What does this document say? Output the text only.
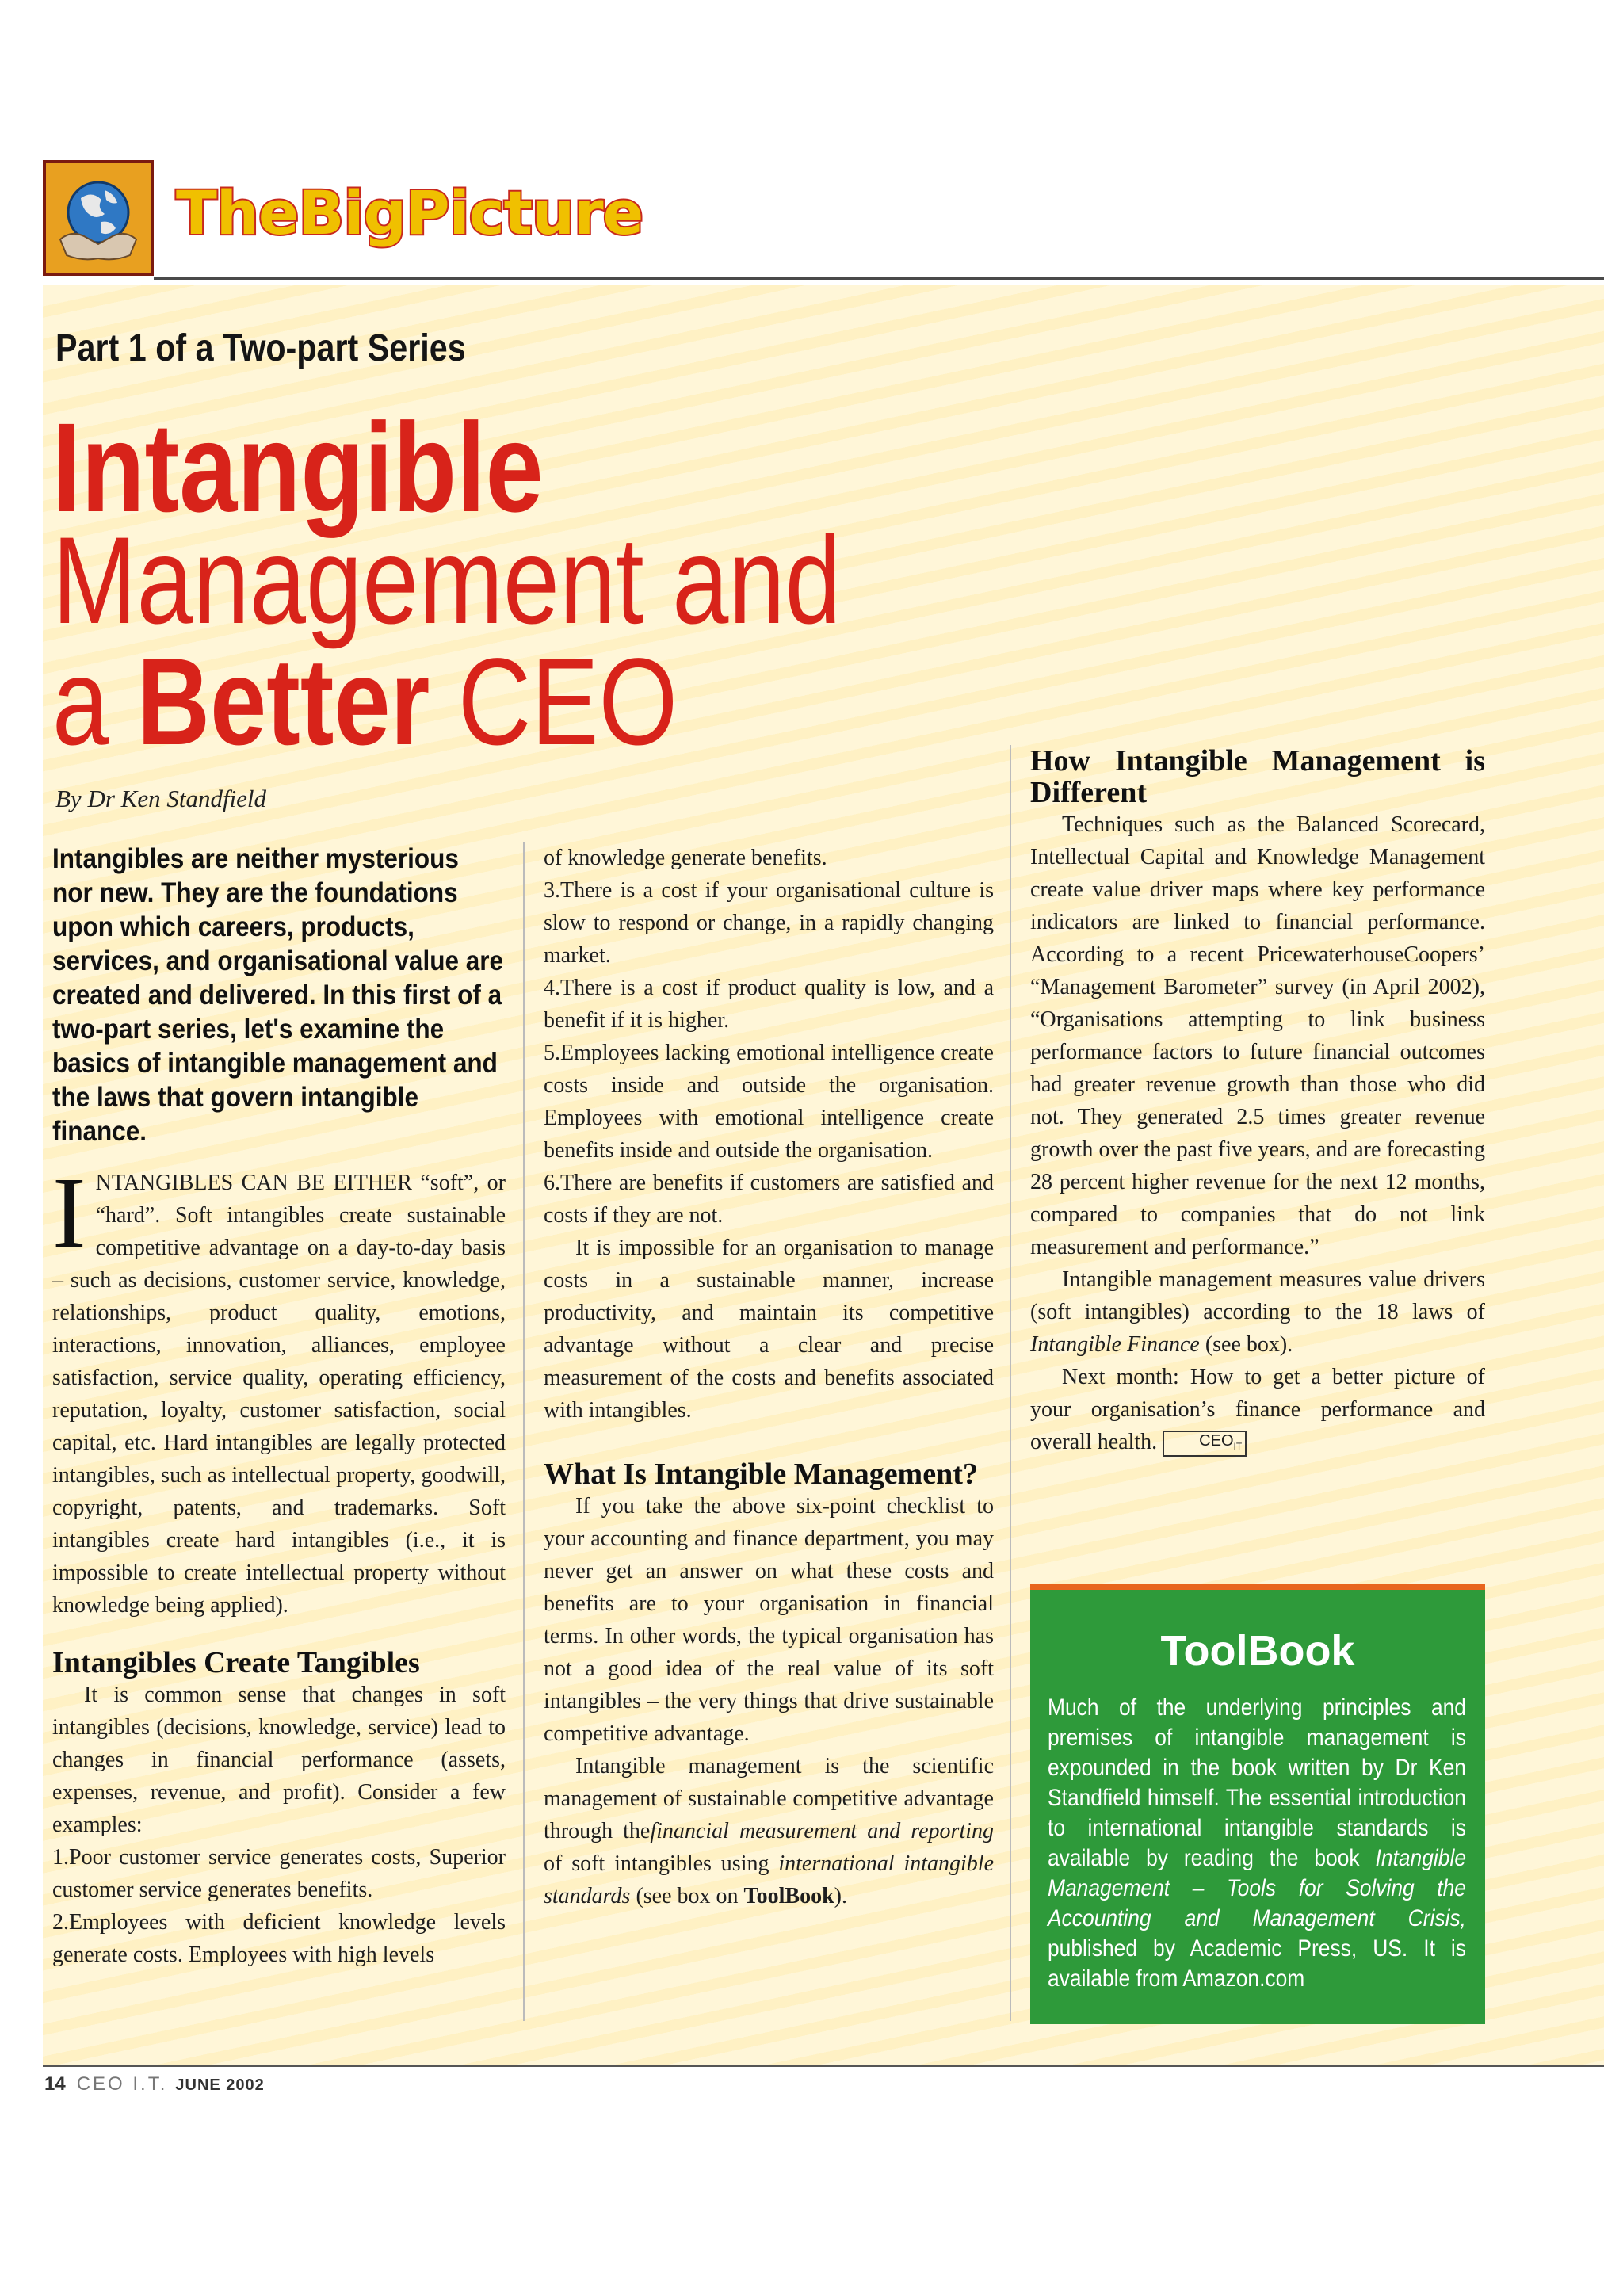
TheBigPicture
Part 1 of a Two-part Series
Intangible
Management and
a Better CEO
By Dr Ken Standfield

Intangibles are neither mysterious nor new. They are the foundations upon which careers, products, services, and organisational value are created and delivered. In this first of a two-part series, let's examine the basics of intangible management and the laws that govern intangible finance.

INTANGIBLES CAN BE EITHER “soft”, or “hard”. Soft intangibles create sustainable competitive advantage on a day-to-day basis – such as decisions, customer service, knowledge, relationships, product quality, emotions, interactions, innovation, alliances, employee satisfaction, service quality, operating efficiency, reputation, loyalty, customer satisfaction, social capital, etc. Hard intangibles are legally protected intangibles, such as intellectual property, goodwill, copyright, patents, and trademarks. Soft intangibles create hard intangibles (i.e., it is impossible to create intellectual property without knowledge being applied).

Intangibles Create Tangibles

It is common sense that changes in soft intangibles (decisions, knowledge, service) lead to changes in financial performance (assets, expenses, revenue, and profit). Consider a few examples:

1.Poor customer service generates costs, Superior customer service generates benefits.

2.Employees with deficient knowledge levels generate costs. Employees with high levels

of knowledge generate benefits.

3.There is a cost if your organisational culture is slow to respond or change, in a rapidly changing market.

4.There is a cost if product quality is low, and a benefit if it is higher.

5.Employees lacking emotional intelligence create costs inside and outside the organisation. Employees with emotional intelligence create benefits inside and outside the organisation.

6.There are benefits if customers are satisfied and costs if they are not.

It is impossible for an organisation to manage costs in a sustainable manner, increase productivity, and maintain its competitive advantage without a clear and precise measurement of the costs and benefits associated with intangibles.

What Is Intangible Management?

If you take the above six-point checklist to your accounting and finance department, you may never get an answer on what these costs and benefits are to your organisation in financial terms. In other words, the typical organisation has not a good idea of the real value of its soft intangibles – the very things that drive sustainable competitive advantage.

Intangible management is the scientific management of sustainable competitive advantage through thefinancial measurement and reporting of soft intangibles using international intangible standards (see box on ToolBook).

How Intangible Management is Different

Techniques such as the Balanced Scorecard, Intellectual Capital and Knowledge Management create value driver maps where key performance indicators are linked to financial performance. According to a recent PricewaterhouseCoopers’ “Management Barometer” survey (in April 2002), “Organisations attempting to link business performance factors to future financial outcomes had greater revenue growth than those who did not. They generated 2.5 times greater revenue growth over the past five years, and are forecasting 28 percent higher revenue for the next 12 months, compared to companies that do not link measurement and performance.”

Intangible management measures value drivers (soft intangibles) according to the 18 laws of Intangible Finance (see box).

Next month: How to get a better picture of your organisation’s finance performance and overall health.	$CEO_{IT}$

ToolBook

Much of the underlying principles and premises of intangible management is expounded in the book written by Dr Ken Standfield himself. The essential introduction to international intangible standards is available by reading the book Intangible Management – Tools for Solving the Accounting and Management Crisis, published by Academic Press, US. It is available from Amazon.com

14 CEO I.T. JUNE 2002
